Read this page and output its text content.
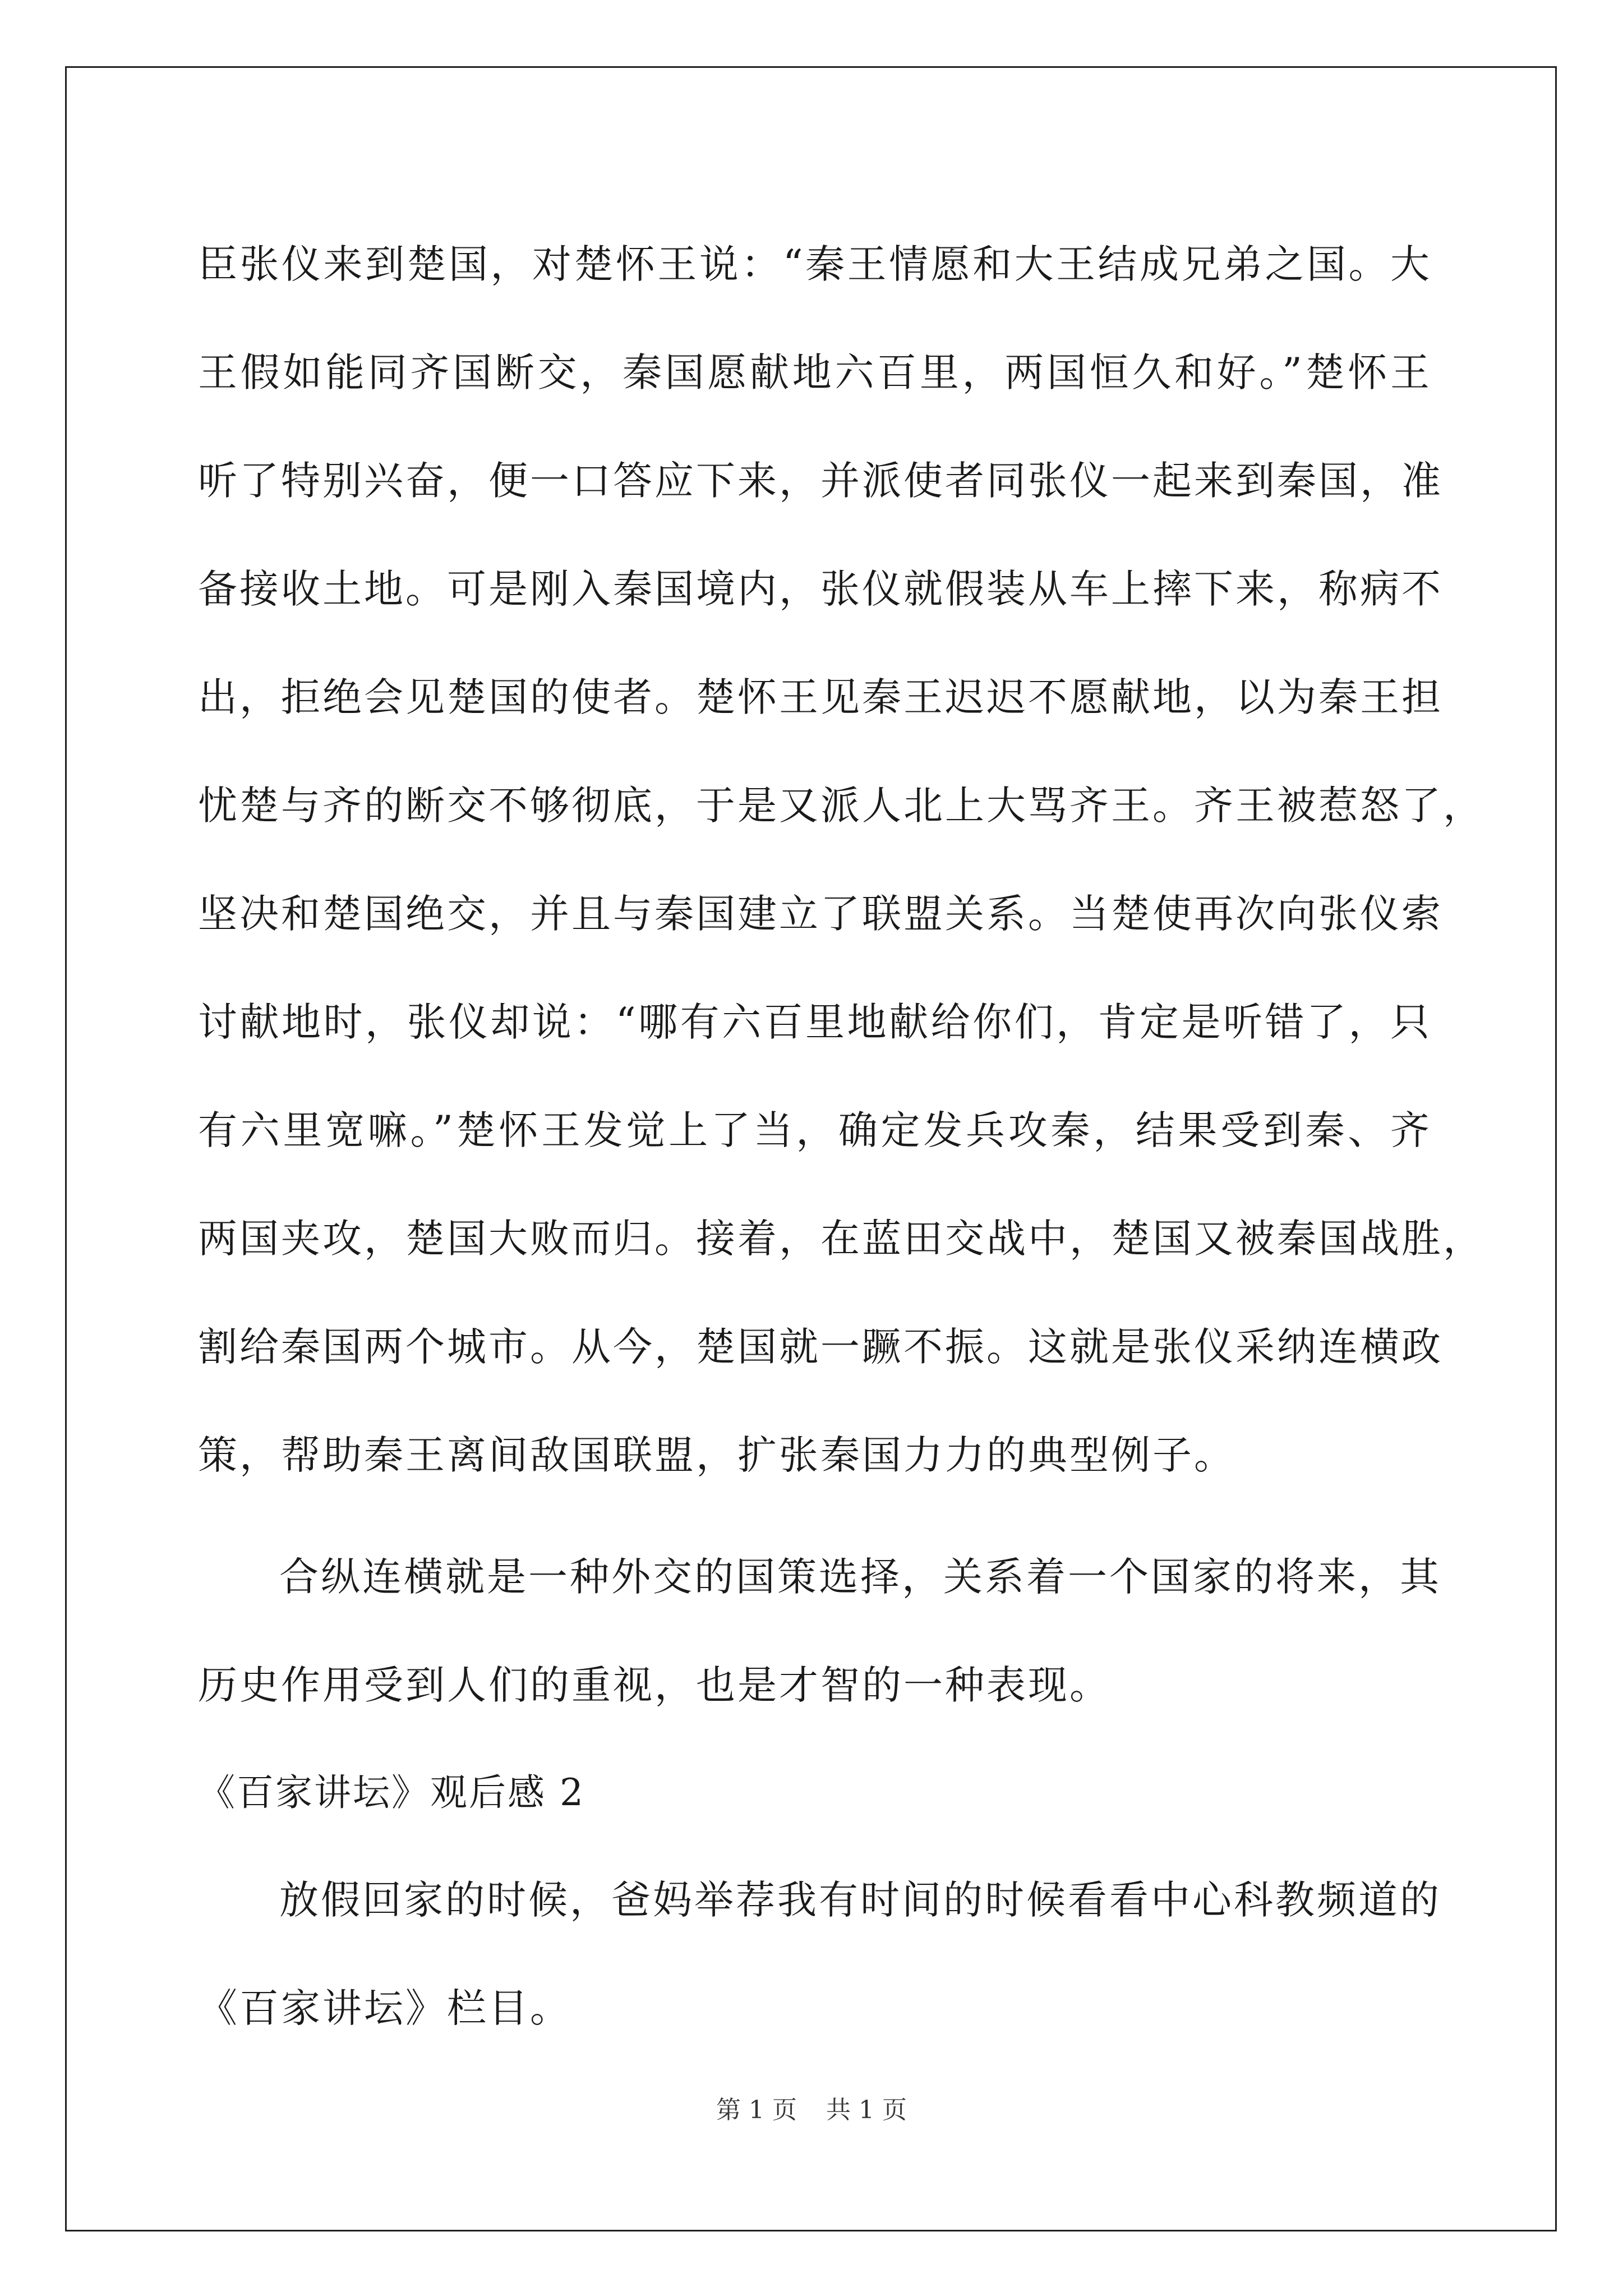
臣张仪来到楚国，对楚怀王说：“秦王情愿和大王结成兄弟之国。大
王假如能同齐国断交，秦国愿献地六百里，两国恒久和好。”楚怀王
听了特别兴奋，便一口答应下来，并派使者同张仪一起来到秦国，准
备接收土地。可是刚入秦国境内，张仪就假装从车上摔下来，称病不
出，拒绝会见楚国的使者。楚怀王见秦王迟迟不愿献地，以为秦王担
忧楚与齐的断交不够彻底，于是又派人北上大骂齐王。齐王被惹怒了，
坚决和楚国绝交，并且与秦国建立了联盟关系。当楚使再次向张仪索
讨献地时，张仪却说：“哪有六百里地献给你们，肯定是听错了，只
有六里宽嘛。”楚怀王发觉上了当，确定发兵攻秦，结果受到秦、齐
两国夹攻，楚国大败而归。接着，在蓝田交战中，楚国又被秦国战胜，
割给秦国两个城市。从今，楚国就一蹶不振。这就是张仪采纳连横政
策，帮助秦王离间敌国联盟，扩张秦国力力的典型例子。
合纵连横就是一种外交的国策选择，关系着一个国家的将来，其
历史作用受到人们的重视，也是才智的一种表现。
《百家讲坛》观后感 2
放假回家的时候，爸妈举荐我有时间的时候看看中心科教频道的
《百家讲坛》栏目。
第 1 页 共 1 页
